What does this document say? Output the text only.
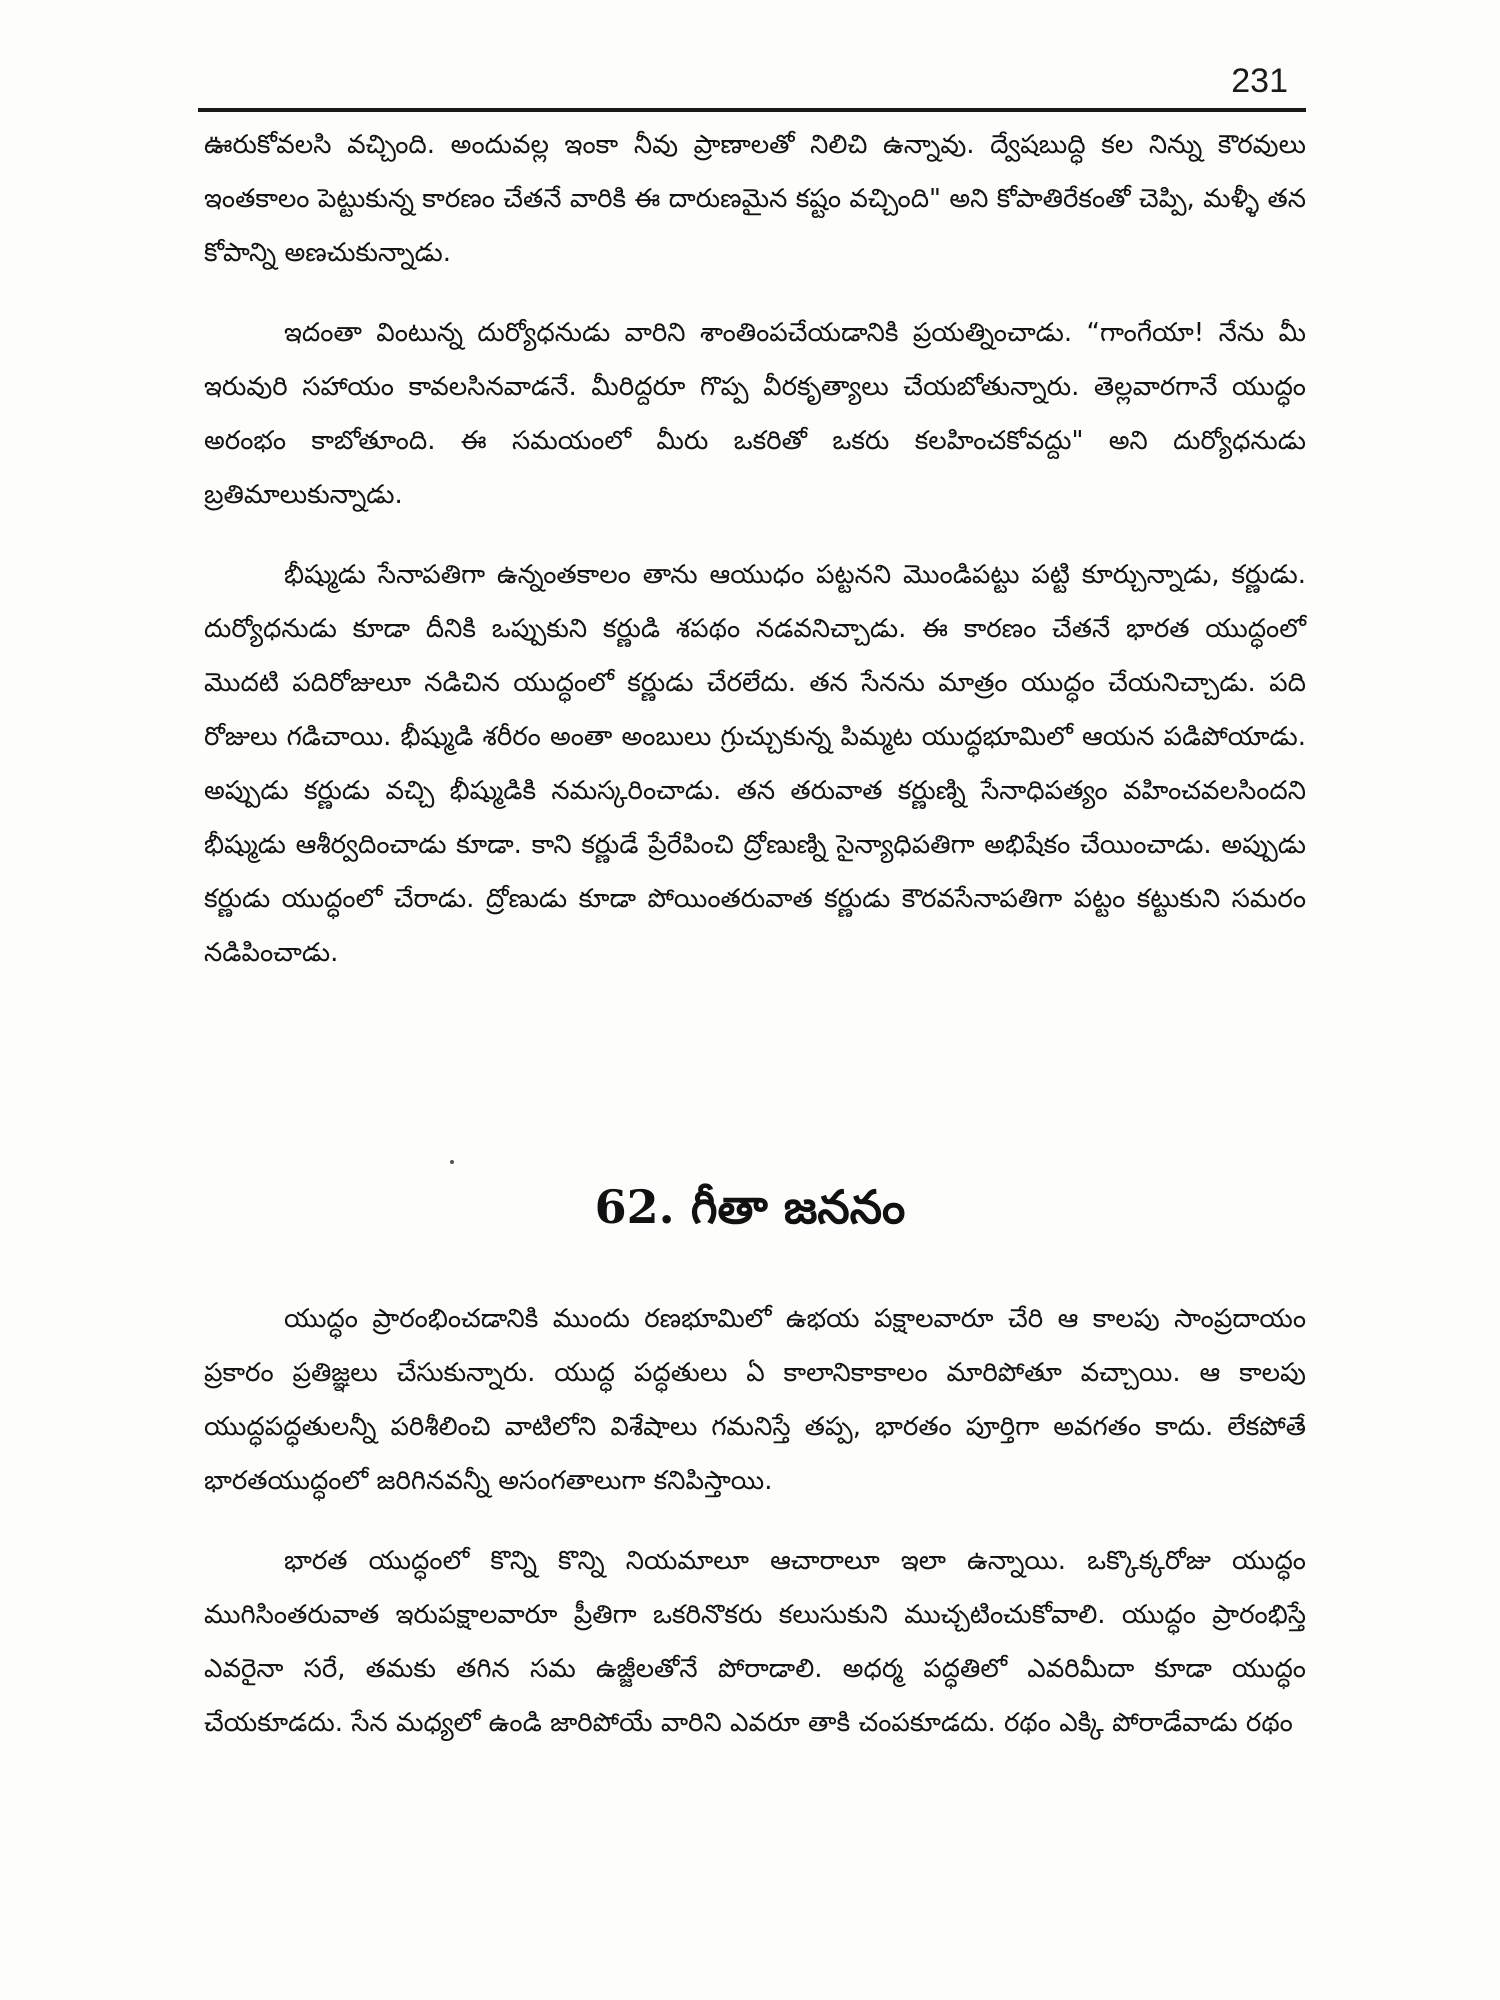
231

ఊరుకోవలసి వచ్చింది. అందువల్ల ఇంకా నీవు ప్రాణాలతో నిలిచి ఉన్నావు. ద్వేషబుద్ధి కల నిన్ను కౌరవులు ఇంతకాలం పెట్టుకున్న కారణం చేతనే వారికి ఈ దారుణమైన కష్టం వచ్చింది" అని కోపాతిరేకంతో చెప్పి, మళ్ళీ తన కోపాన్ని అణచుకున్నాడు.

ఇదంతా వింటున్న దుర్యోధనుడు వారిని శాంతింపచేయడానికి ప్రయత్నించాడు. “గాంగేయా! నేను మీ ఇరువురి సహాయం కావలసినవాడనే. మీరిద్దరూ గొప్ప వీరకృత్యాలు చేయబోతున్నారు. తెల్లవారగానే యుద్ధం అరంభం కాబోతూంది. ఈ సమయంలో మీరు ఒకరితో ఒకరు కలహించకోవద్దు" అని దుర్యోధనుడు బ్రతిమాలుకున్నాడు.

భీష్ముడు సేనాపతిగా ఉన్నంతకాలం తాను ఆయుధం పట్టనని మొండిపట్టు పట్టి కూర్చున్నాడు, కర్ణుడు. దుర్యోధనుడు కూడా దీనికి ఒప్పుకుని కర్ణుడి శపథం నడవనిచ్చాడు. ఈ కారణం చేతనే భారత యుద్ధంలో మొదటి పదిరోజులూ నడిచిన యుద్ధంలో కర్ణుడు చేరలేదు. తన సేనను మాత్రం యుద్ధం చేయనిచ్చాడు. పది రోజులు గడిచాయి. భీష్ముడి శరీరం అంతా అంబులు గ్రుచ్చుకున్న పిమ్మట యుద్ధభూమిలో ఆయన పడిపోయాడు. అప్పుడు కర్ణుడు వచ్చి భీష్ముడికి నమస్కరించాడు. తన తరువాత కర్ణుణ్ని సేనాధిపత్యం వహించవలసిందని భీష్ముడు ఆశీర్వదించాడు కూడా. కాని కర్ణుడే ప్రేరేపించి ద్రోణుణ్ని సైన్యాధిపతిగా అభిషేకం చేయించాడు. అప్పుడు కర్ణుడు యుద్ధంలో చేరాడు. ద్రోణుడు కూడా పోయింతరువాత కర్ణుడు కౌరవసేనాపతిగా పట్టం కట్టుకుని సమరం నడిపించాడు.

62. గీతా జననం

యుద్ధం ప్రారంభించడానికి ముందు రణభూమిలో ఉభయ పక్షాలవారూ చేరి ఆ కాలపు సాంప్రదాయం ప్రకారం ప్రతిజ్ఞలు చేసుకున్నారు. యుద్ధ పద్ధతులు ఏ కాలానికాకాలం మారిపోతూ వచ్చాయి. ఆ కాలపు యుద్ధపద్ధతులన్నీ పరిశీలించి వాటిలోని విశేషాలు గమనిస్తే తప్ప, భారతం పూర్తిగా అవగతం కాదు. లేకపోతే భారతయుద్ధంలో జరిగినవన్నీ అసంగతాలుగా కనిపిస్తాయి.

భారత యుద్ధంలో కొన్ని కొన్ని నియమాలూ ఆచారాలూ ఇలా ఉన్నాయి. ఒక్కొక్కరోజు యుద్ధం ముగిసింతరువాత ఇరుపక్షాలవారూ ప్రీతిగా ఒకరినొకరు కలుసుకుని ముచ్చటించుకోవాలి. యుద్ధం ప్రారంభిస్తే ఎవరైనా సరే, తమకు తగిన సమ ఉజ్జీలతోనే పోరాడాలి. అధర్మ పద్ధతిలో ఎవరిమీదా కూడా యుద్ధం చేయకూడదు. సేన మధ్యలో ఉండి జారిపోయే వారిని ఎవరూ తాకి చంపకూడదు. రథం ఎక్కి పోరాడేవాడు రథం
